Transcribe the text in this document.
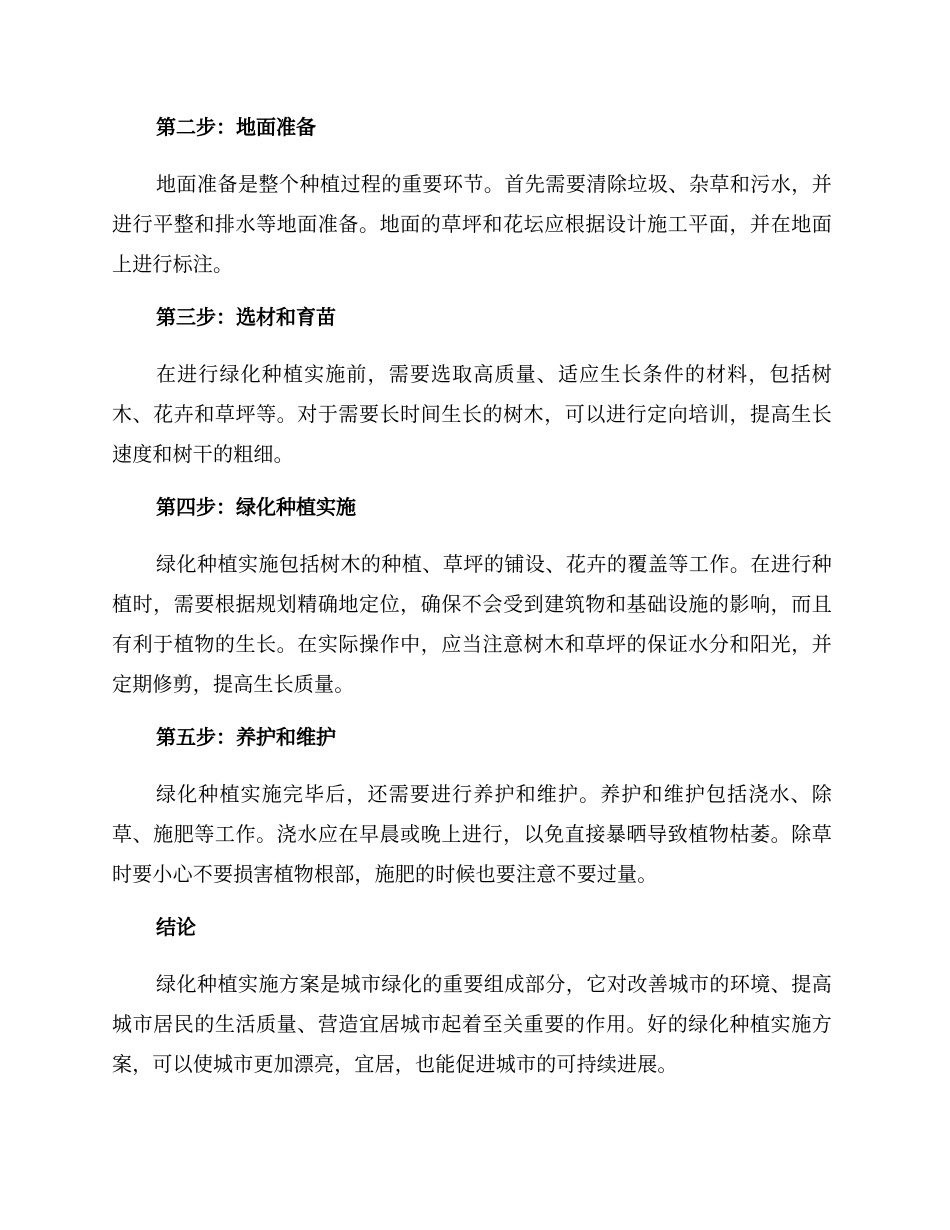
第二步：地面准备

地面准备是整个种植过程的重要环节。首先需要清除垃圾、杂草和污水，并进行平整和排水等地面准备。地面的草坪和花坛应根据设计施工平面，并在地面上进行标注。

第三步：选材和育苗

在进行绿化种植实施前，需要选取高质量、适应生长条件的材料，包括树木、花卉和草坪等。对于需要长时间生长的树木，可以进行定向培训，提高生长速度和树干的粗细。

第四步：绿化种植实施

绿化种植实施包括树木的种植、草坪的铺设、花卉的覆盖等工作。在进行种植时，需要根据规划精确地定位，确保不会受到建筑物和基础设施的影响，而且有利于植物的生长。在实际操作中，应当注意树木和草坪的保证水分和阳光，并定期修剪，提高生长质量。

第五步：养护和维护

绿化种植实施完毕后，还需要进行养护和维护。养护和维护包括浇水、除草、施肥等工作。浇水应在早晨或晚上进行，以免直接暴晒导致植物枯萎。除草时要小心不要损害植物根部，施肥的时候也要注意不要过量。

结论

绿化种植实施方案是城市绿化的重要组成部分，它对改善城市的环境、提高城市居民的生活质量、营造宜居城市起着至关重要的作用。好的绿化种植实施方案，可以使城市更加漂亮，宜居，也能促进城市的可持续进展。
